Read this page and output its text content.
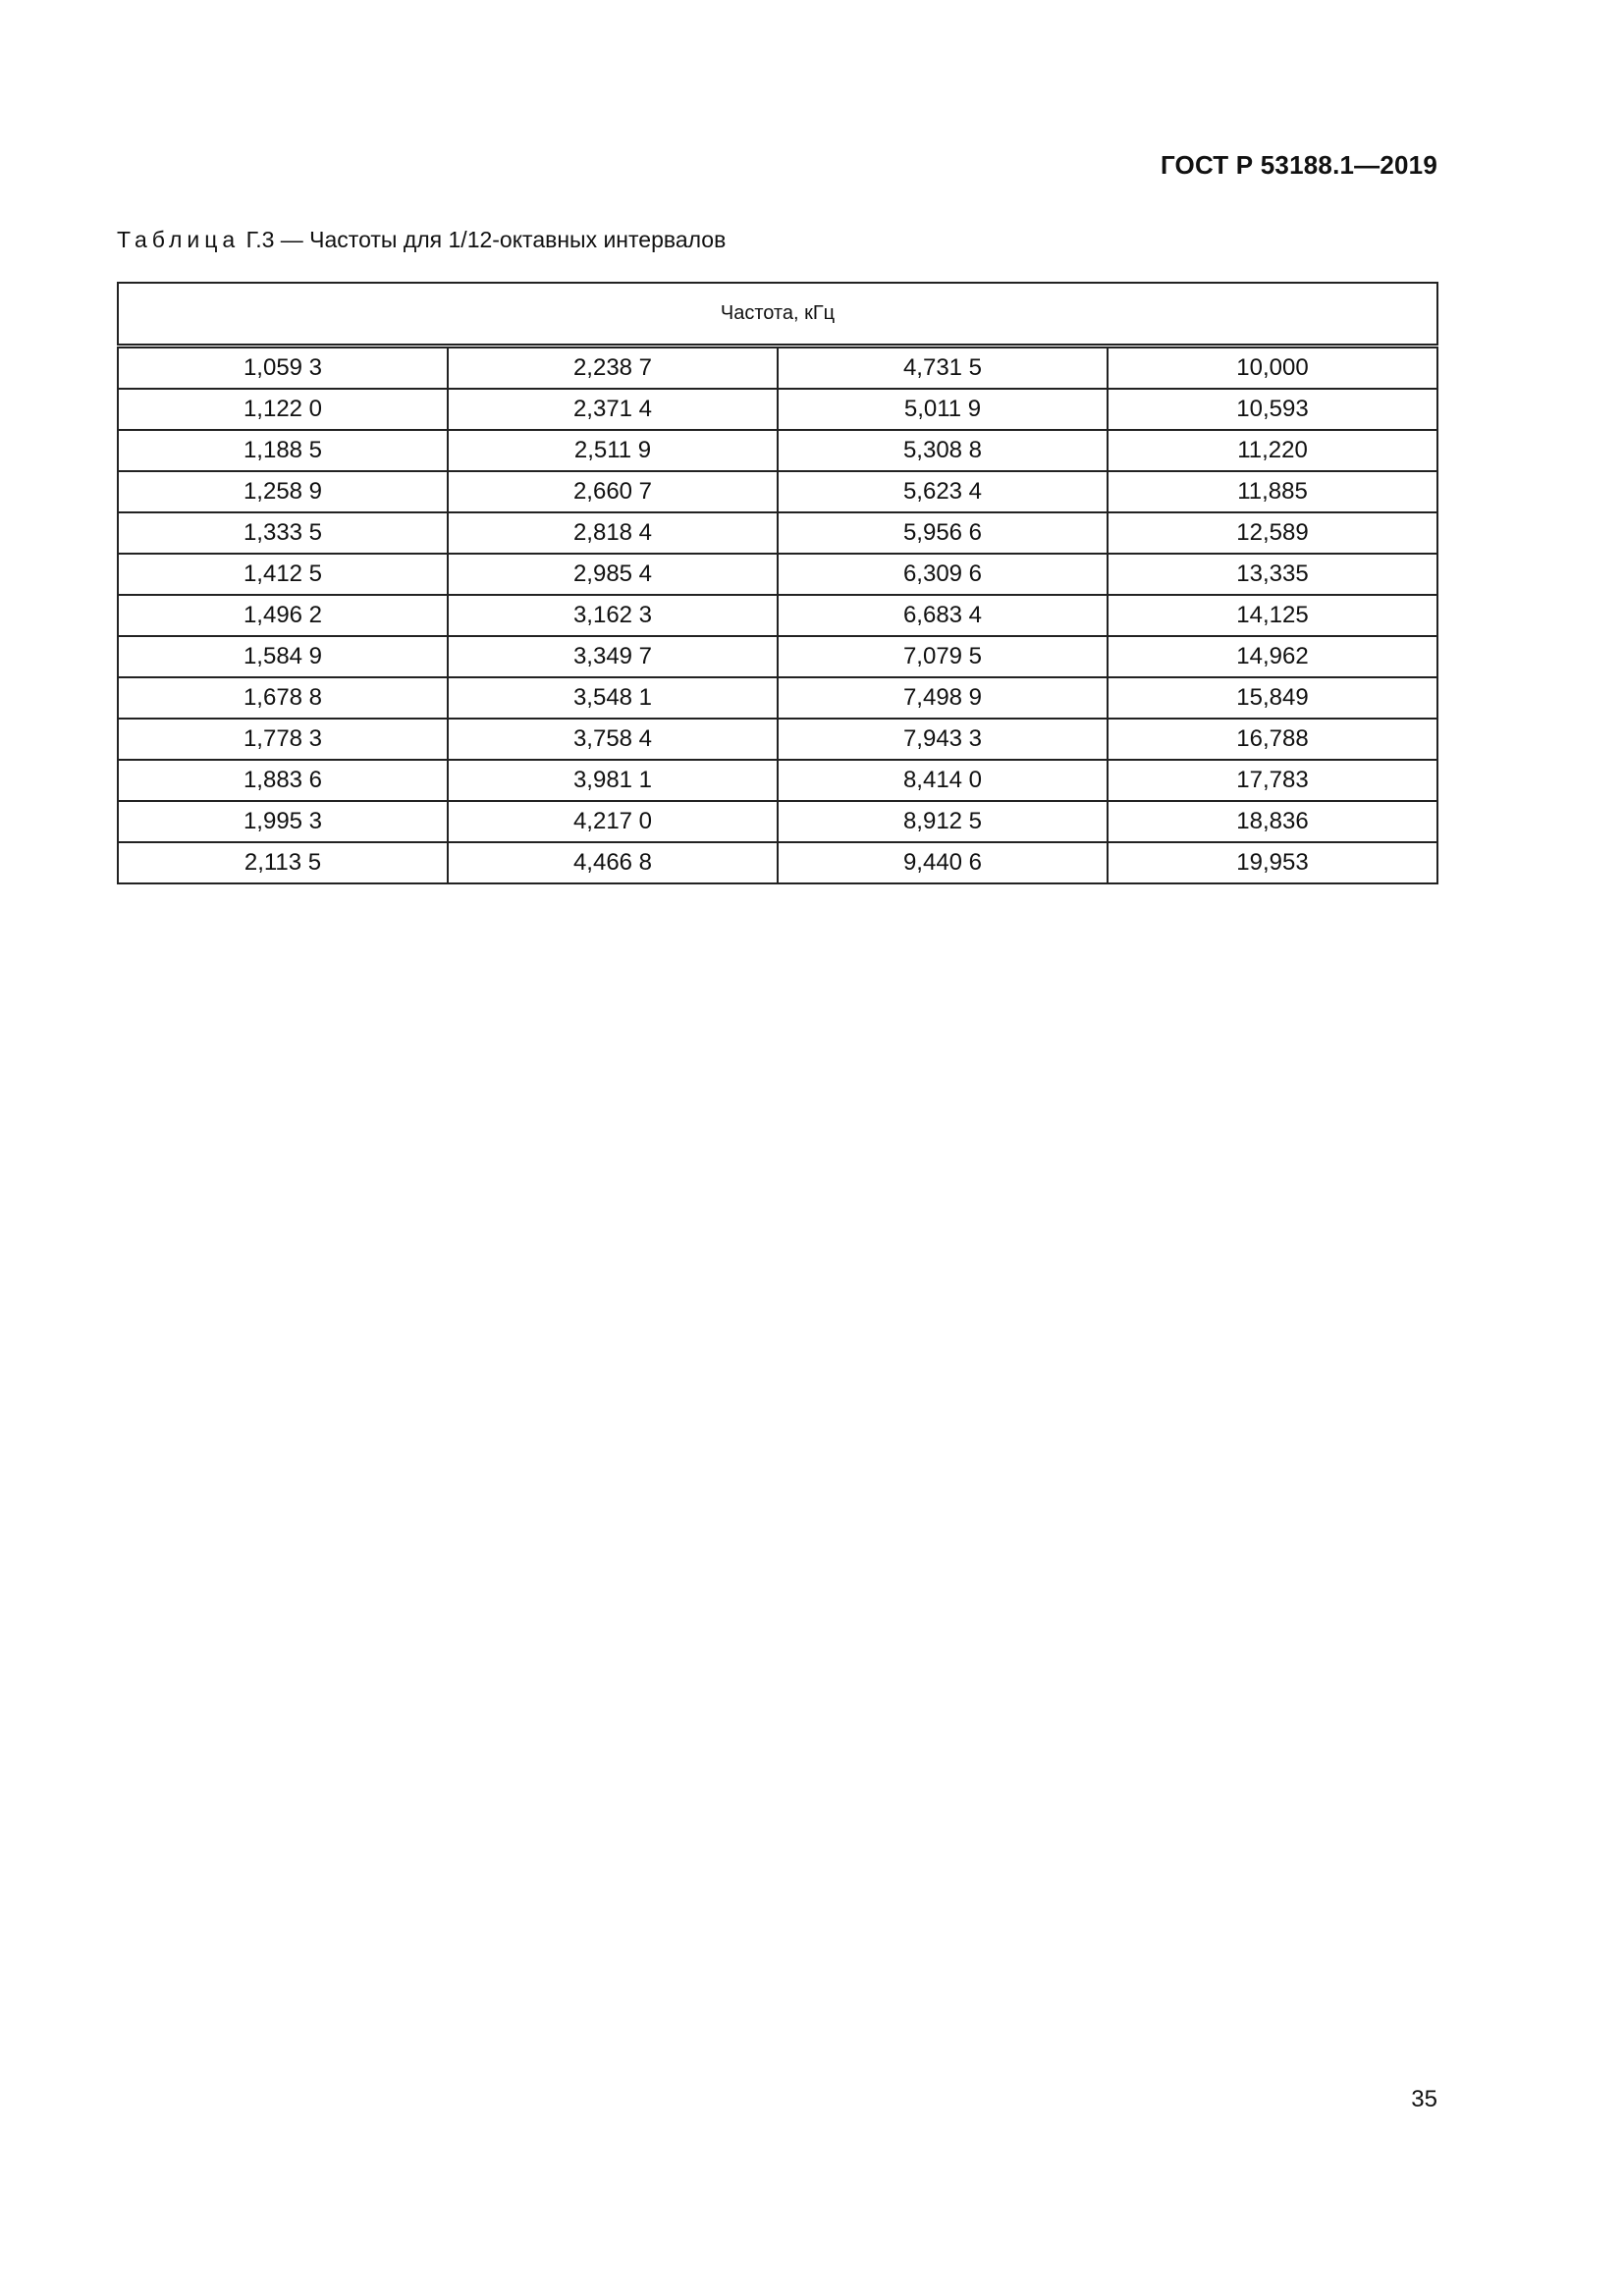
ГОСТ Р 53188.1—2019
Таблица Г.3 — Частоты для 1/12-октавных интервалов
Частота, кГц			
1,059 3	2,238 7	4,731 5	10,000
1,122 0	2,371 4	5,011 9	10,593
1,188 5	2,511 9	5,308 8	11,220
1,258 9	2,660 7	5,623 4	11,885
1,333 5	2,818 4	5,956 6	12,589
1,412 5	2,985 4	6,309 6	13,335
1,496 2	3,162 3	6,683 4	14,125
1,584 9	3,349 7	7,079 5	14,962
1,678 8	3,548 1	7,498 9	15,849
1,778 3	3,758 4	7,943 3	16,788
1,883 6	3,981 1	8,414 0	17,783
1,995 3	4,217 0	8,912 5	18,836
2,113 5	4,466 8	9,440 6	19,953
35
